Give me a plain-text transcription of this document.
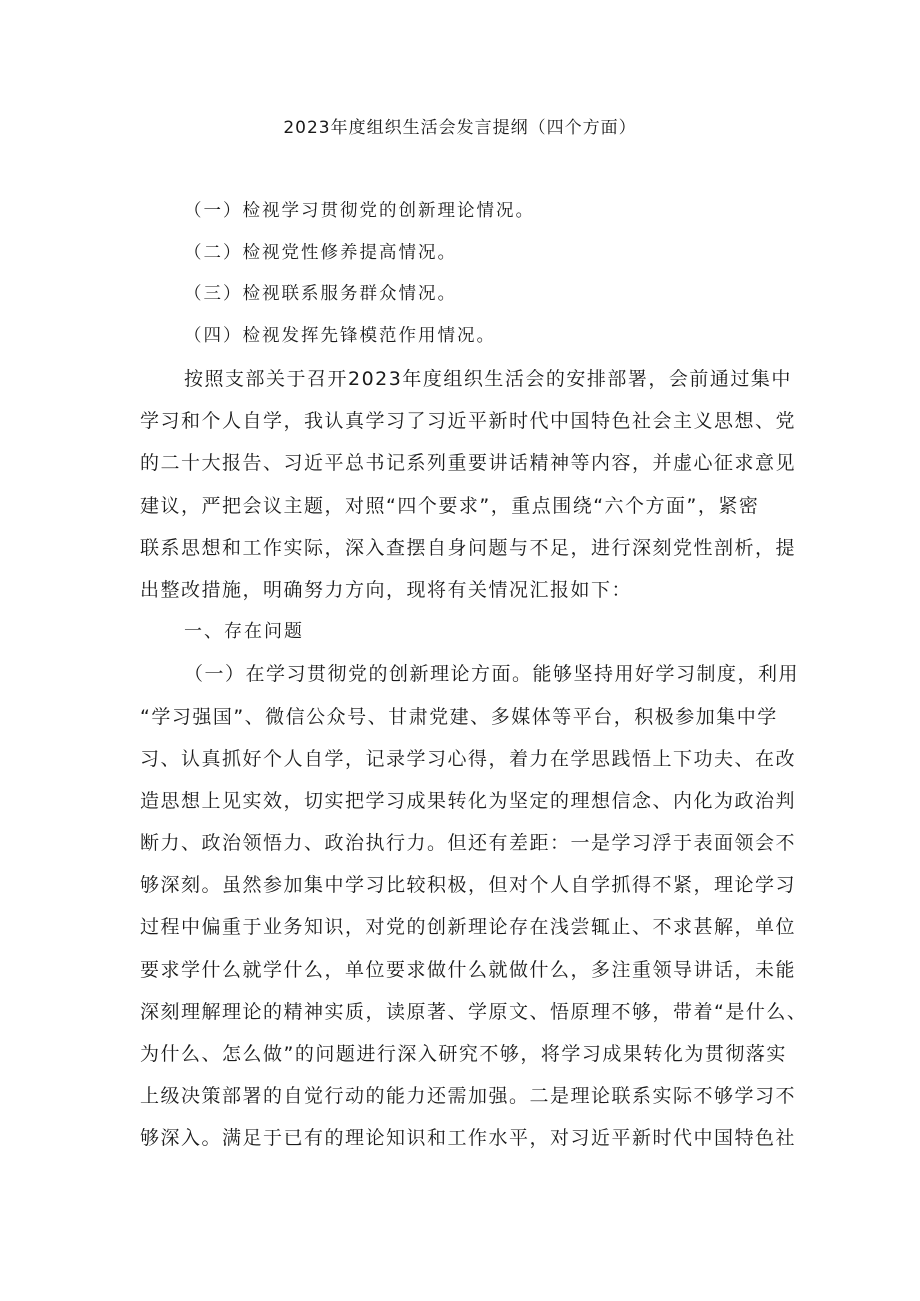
2023年度组织生活会发言提纲（四个方面）
（一）检视学习贯彻党的创新理论情况。
（二）检视党性修养提高情况。
（三）检视联系服务群众情况。
（四）检视发挥先锋模范作用情况。
按照支部关于召开2023年度组织生活会的安排部署，会前通过集中
学习和个人自学，我认真学习了习近平新时代中国特色社会主义思想、党
的二十大报告、习近平总书记系列重要讲话精神等内容，并虚心征求意见
建议，严把会议主题，对照“四个要求”，重点围绕“六个方面”，紧密
联系思想和工作实际，深入查摆自身问题与不足，进行深刻党性剖析，提
出整改措施，明确努力方向，现将有关情况汇报如下：
一、存在问题
（一）在学习贯彻党的创新理论方面。能够坚持用好学习制度，利用
“学习强国”、微信公众号、甘肃党建、多媒体等平台，积极参加集中学
习、认真抓好个人自学，记录学习心得，着力在学思践悟上下功夫、在改
造思想上见实效，切实把学习成果转化为坚定的理想信念、内化为政治判
断力、政治领悟力、政治执行力。但还有差距：一是学习浮于表面领会不
够深刻。虽然参加集中学习比较积极，但对个人自学抓得不紧，理论学习
过程中偏重于业务知识，对党的创新理论存在浅尝辄止、不求甚解，单位
要求学什么就学什么，单位要求做什么就做什么，多注重领导讲话，未能
深刻理解理论的精神实质，读原著、学原文、悟原理不够，带着“是什么、
为什么、怎么做”的问题进行深入研究不够，将学习成果转化为贯彻落实
上级决策部署的自觉行动的能力还需加强。二是理论联系实际不够学习不
够深入。满足于已有的理论知识和工作水平，对习近平新时代中国特色社
